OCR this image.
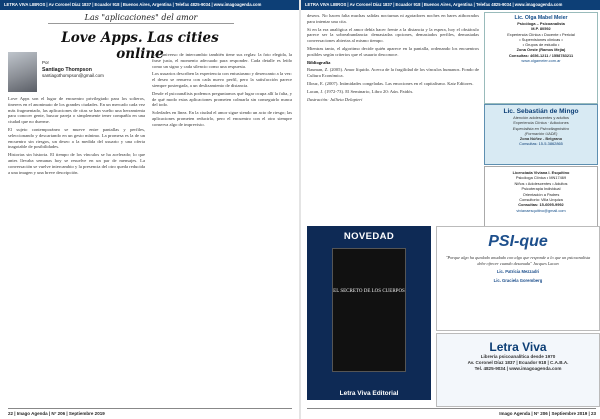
LETRA VIVA LIBROS | Av Coronel Díaz 1837 | Ecuador 918 | Buenos Aires, Argentina | Telefax 4825-9034 | www.imagoagenda.com	LETRA VIVA LIBROS | Av Coronel Díaz 1837 | Ecuador 918 | Buenos Aires, Argentina | Telefax 4825-9034 | www.imagoagenda.com
Las "aplicaciones" del amor
Love Apps. Las cities online
Por
Santiago Thompson
santiagothompson@gmail.com

Love Apps son el lugar de encuentro privilegiado para los solteros, tinerers en el anonimato de los grandes ciudades. En un mercado cada vez más fragmentado, las aplicaciones de citas se han vuelto una herramienta para conocer gente, buscar pareja o simplemente tener compañía en una ciudad que no duerme.

El sujeto contemporáneo se mueve entre pantallas y perfiles, seleccionando y descartando en un gesto mínimo. La promesa es la de un encuentro sin riesgos, un deseo a la medida del usuario y una oferta inagotable de posibilidades.

Historias sin historia. El tiempo de los vínculos se ha acelerado; lo que antes llevaba semanas hoy se resuelve en un par de mensajes. La conversación se vuelve intercambio y la presencia del otro queda reducida a una imagen y una breve descripción.

Este universo de intercambio también tiene sus reglas: la foto elegida, la frase justa, el momento adecuado para responder. Cada detalle es leído como un signo y cada silencio como una respuesta.

Los usuarios describen la experiencia con entusiasmo y desencanto a la vez: el deseo se renueva con cada nuevo perfil, pero la satisfacción parece siempre postergada, a un deslizamiento de distancia.

Desde el psicoanálisis podemos preguntarnos qué lugar ocupa allí la falta, y de qué modo estas aplicaciones prometen colmarla sin conseguirlo nunca del todo.

Soledades en línea. En la ciudad el amor sigue siendo un acto de riesgo; las aplicaciones prometen reducirlo, pero el encuentro con el otro siempre conserva algo de imprevisto.

22 | Imago Agenda | N° 206 | Septiembre 2019

deseos. No hacen falta muchas salidas nocturnas ni agotadores noches en bares atiborrados para intentar una cita.

Si en la era analógica el amor debía hacer frente a la distancia y la espera, hoy el obstáculo parece ser la sobreabundancia: demasiadas opciones, demasiados perfiles, demasiadas conversaciones abiertas al mismo tiempo.

Mientras tanto, el algoritmo decide quién aparece en la pantalla, ordenando los encuentros posibles según criterios que el usuario desconoce.

Bibliografía

Bauman, Z. (2005). Amor líquido. Acerca de la fragilidad de los vínculos humanos. Fondo de Cultura Económica.

Illouz, E. (2007). Intimidades congeladas. Las emociones en el capitalismo. Katz Editores.

Lacan, J. (1972-73). El Seminario, Libro 20: Aún. Paidós.

Ilustración: Jullieta Delapieri

Lic. Olga Mabel Meier
Psicóloga – Psicoanalista
M.P. 80592
Experiencia Clínica • Docente • Pericial
• Supervisiones clínicas •
• Grupos de estudio •
Zona Oeste (Ramos Mejía)
Consultas: 4656-1211 / 1558783211
www.olgameier.com.ar
Lic. Sebastián de Mingo
Atención adolescentes y adultos
Experiencia Clínica · Adicciones
Especialista en Psicodiagnóstico
(Formación UADE)
Zona Núñez - Belgrano
Consultas: 15-5-3862865
Licenciada Viviana I. Esquitino
Psicóloga Clínica • MN17469
Niños • Adolescentes • Adultos
Psicoterapia Individual
Orientación a Padres
Consultorio: Villa Urquiza
Consultas: 15-6095-9992
vivianaesquitino@gmail.com
NOVEDAD
EL SECRETO DE LOS CUERPOS
Letra Viva Editorial
PSI-que
"Porque algo ha quedado anudado con algo que responde a lo que un psicoanalista debe ofrecer cuando desanuda" Jacques Lacan
Lic. Patricia Mezzadri
Lic. Graciela Goremberg
Letra Viva
Librería psicoanalítica desde 1970
Av. Coronel Díaz 1837 | Ecuador 918 | C.A.B.A.
Tel. 4825-9034 | www.imagoagenda.com
Imago Agenda | N° 206 | Septiembre 2019 | 23
